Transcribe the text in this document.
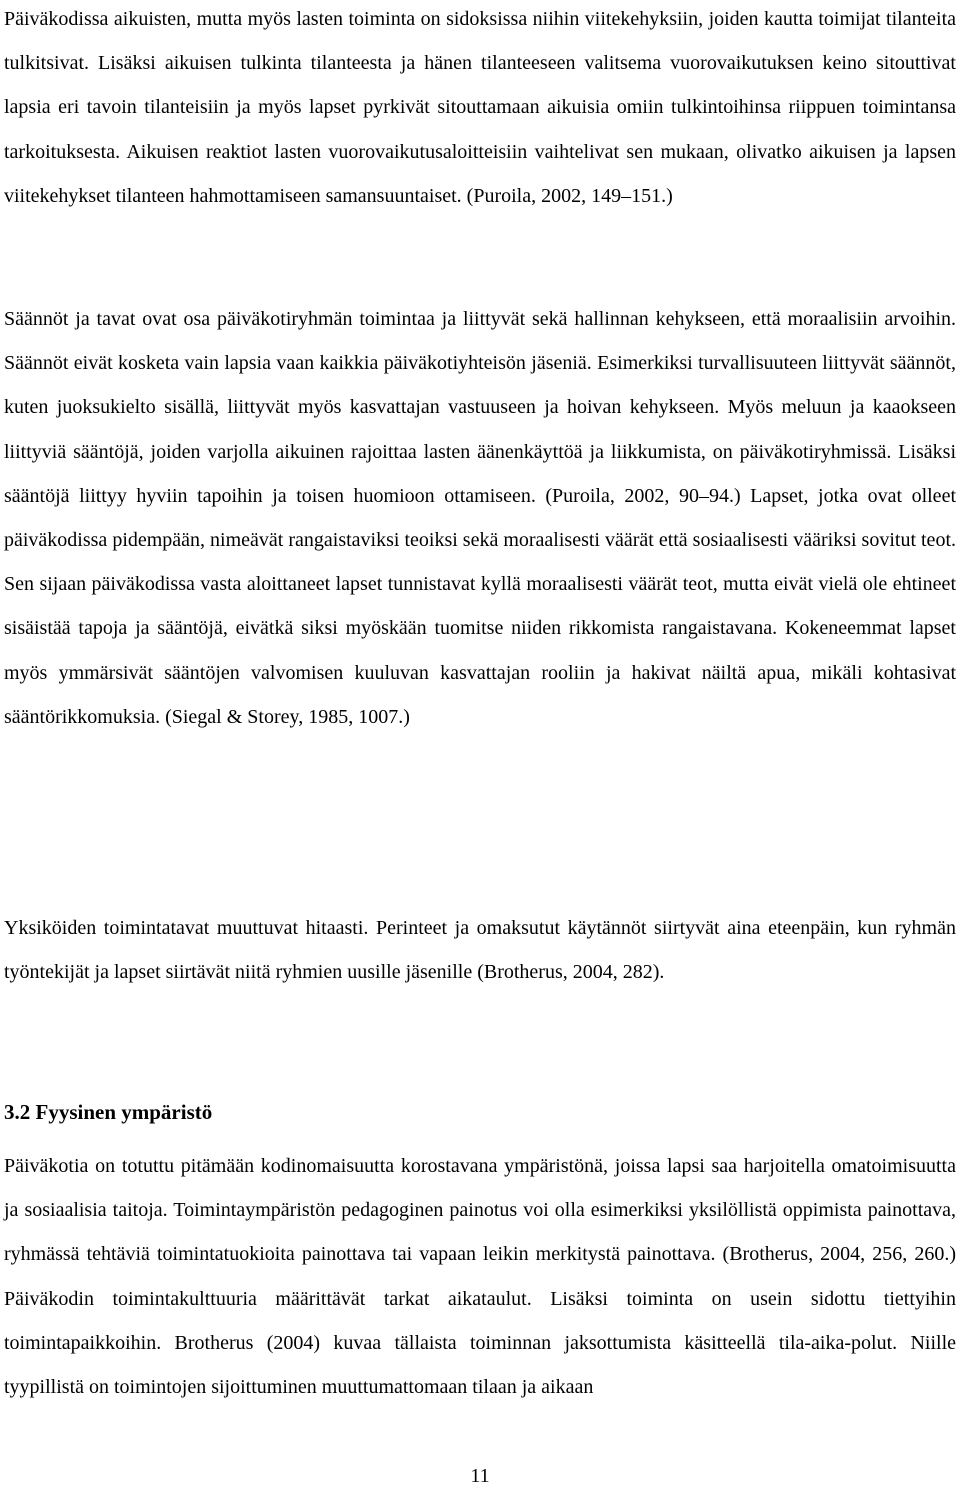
Päiväkodissa aikuisten, mutta myös lasten toiminta on sidoksissa niihin viitekehyksiin, joiden kautta toimijat tilanteita tulkitsivat. Lisäksi aikuisen tulkinta tilanteesta ja hänen tilanteeseen valitsema vuorovaikutuksen keino sitouttivat lapsia eri tavoin tilanteisiin ja myös lapset pyrkivät sitouttamaan aikuisia omiin tulkintoihinsa riippuen toimintansa tarkoituksesta. Aikuisen reaktiot lasten vuorovaikutusaloitteisiin vaihtelivat sen mukaan, olivatko aikuisen ja lapsen viitekehykset tilanteen hahmottamiseen samansuuntaiset. (Puroila, 2002, 149–151.)

Säännöt ja tavat ovat osa päiväkotiryhmän toimintaa ja liittyvät sekä hallinnan kehykseen, että moraalisiin arvoihin. Säännöt eivät kosketa vain lapsia vaan kaikkia päiväkotiyhteisön jäseniä. Esimerkiksi turvallisuuteen liittyvät säännöt, kuten juoksukielto sisällä, liittyvät myös kasvattajan vastuuseen ja hoivan kehykseen. Myös meluun ja kaaokseen liittyviä sääntöjä, joiden varjolla aikuinen rajoittaa lasten äänenkäyttöä ja liikkumista, on päiväkotiryhmissä. Lisäksi sääntöjä liittyy hyviin tapoihin ja toisen huomioon ottamiseen. (Puroila, 2002, 90–94.) Lapset, jotka ovat olleet päiväkodissa pidempään, nimeävät rangaistaviksi teoiksi sekä moraalisesti väärät että sosiaalisesti vääriksi sovitut teot. Sen sijaan päiväkodissa vasta aloittaneet lapset tunnistavat kyllä moraalisesti väärät teot, mutta eivät vielä ole ehtineet sisäistää tapoja ja sääntöjä, eivätkä siksi myöskään tuomitse niiden rikkomista rangaistavana. Kokeneemmat lapset myös ymmärsivät sääntöjen valvomisen kuuluvan kasvattajan rooliin ja hakivat näiltä apua, mikäli kohtasivat sääntörikkomuksia. (Siegal & Storey, 1985, 1007.)

Yksiköiden toimintatavat muuttuvat hitaasti. Perinteet ja omaksutut käytännöt siirtyvät aina eteenpäin, kun ryhmän työntekijät ja lapset siirtävät niitä ryhmien uusille jäsenille (Brotherus, 2004, 282).

3.2 Fyysinen ympäristö

Päiväkotia on totuttu pitämään kodinomaisuutta korostavana ympäristönä, joissa lapsi saa harjoitella omatoimisuutta ja sosiaalisia taitoja. Toimintaympäristön pedagoginen painotus voi olla esimerkiksi yksilöllistä oppimista painottava, ryhmässä tehtäviä toimintatuokioita painottava tai vapaan leikin merkitystä painottava. (Brotherus, 2004, 256, 260.) Päiväkodin toimintakulttuuria määrittävät tarkat aikataulut. Lisäksi toiminta on usein sidottu tiettyihin toimintapaikkoihin. Brotherus (2004) kuvaa tällaista toiminnan jaksottumista käsitteellä tila-aika-polut. Niille tyypillistä on toimintojen sijoittuminen muuttumattomaan tilaan ja aikaan

11
